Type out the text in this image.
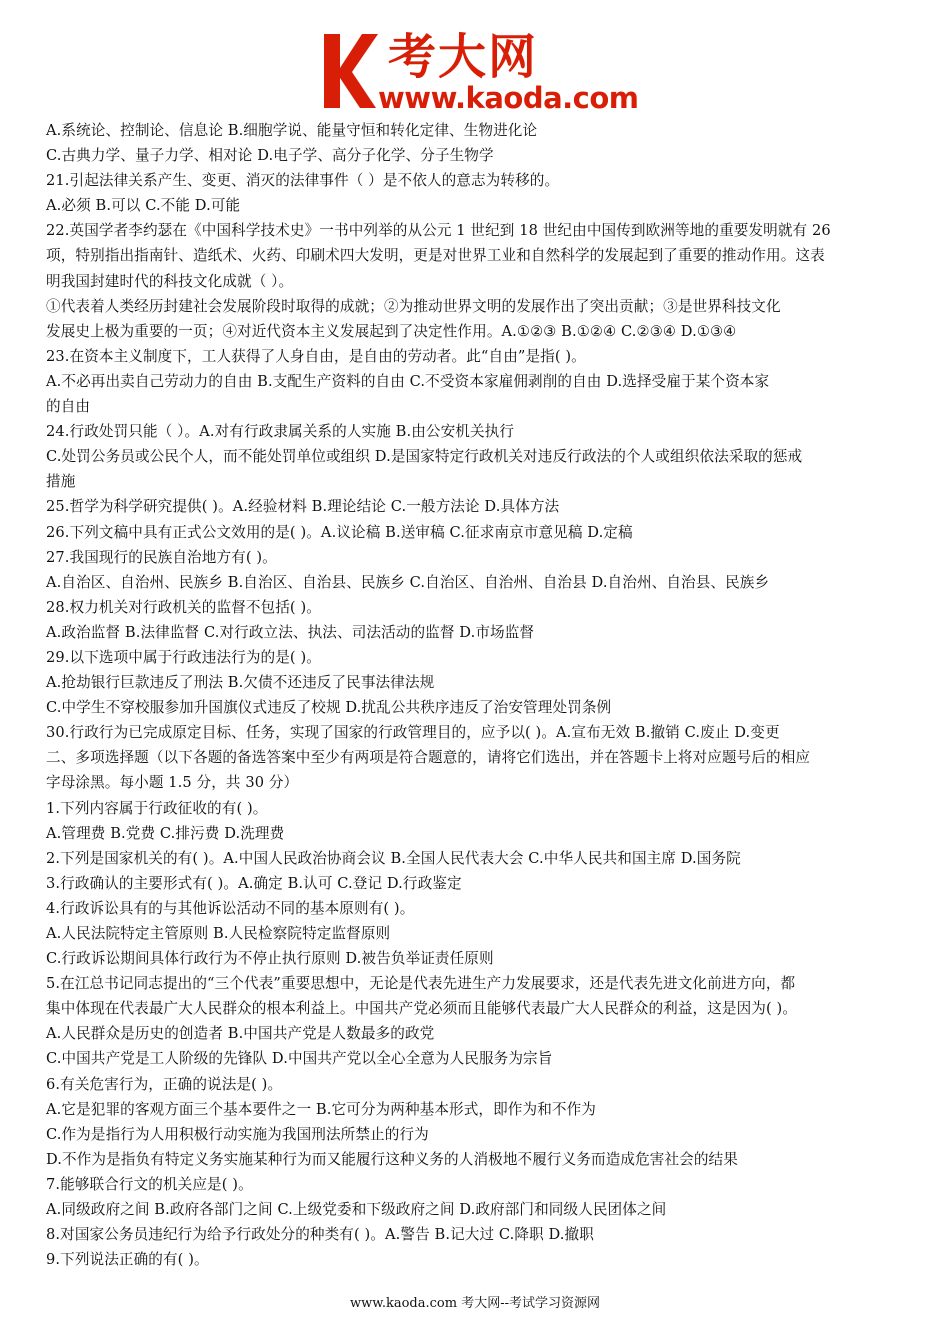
考大网
www.kaoda.com
A.系统论、控制论、信息论 B.细胞学说、能量守恒和转化定律、生物进化论
C.古典力学、量子力学、相对论 D.电子学、高分子化学、分子生物学
21.引起法律关系产生、变更、消灭的法律事件（ ）是不依人的意志为转移的。
A.必须 B.可以 C.不能 D.可能
22.英国学者李约瑟在《中国科学技术史》一书中列举的从公元 1 世纪到 18 世纪由中国传到欧洲等地的重要发明就有 26
项，特别指出指南针、造纸术、火药、印刷术四大发明，更是对世界工业和自然科学的发展起到了重要的推动作用。这表
明我国封建时代的科技文化成就（ ）。
①代表着人类经历封建社会发展阶段时取得的成就；②为推动世界文明的发展作出了突出贡献；③是世界科技文化
发展史上极为重要的一页；④对近代资本主义发展起到了决定性作用。A.①②③ B.①②④ C.②③④ D.①③④
23.在资本主义制度下，工人获得了人身自由，是自由的劳动者。此“自由”是指( )。
A.不必再出卖自己劳动力的自由 B.支配生产资料的自由 C.不受资本家雇佣剥削的自由 D.选择受雇于某个资本家
的自由
24.行政处罚只能（ ）。A.对有行政隶属关系的人实施 B.由公安机关执行
C.处罚公务员或公民个人，而不能处罚单位或组织 D.是国家特定行政机关对违反行政法的个人或组织依法采取的惩戒
措施
25.哲学为科学研究提供( )。A.经验材料 B.理论结论 C.一般方法论 D.具体方法
26.下列文稿中具有正式公文效用的是( )。A.议论稿 B.送审稿 C.征求南京市意见稿 D.定稿
27.我国现行的民族自治地方有( )。
A.自治区、自治州、民族乡 B.自治区、自治县、民族乡 C.自治区、自治州、自治县 D.自治州、自治县、民族乡
28.权力机关对行政机关的监督不包括( )。
A.政治监督 B.法律监督 C.对行政立法、执法、司法活动的监督 D.市场监督
29.以下选项中属于行政违法行为的是( )。
A.抢劫银行巨款违反了刑法 B.欠债不还违反了民事法律法规
C.中学生不穿校服参加升国旗仪式违反了校规 D.扰乱公共秩序违反了治安管理处罚条例
30.行政行为已完成原定目标、任务，实现了国家的行政管理目的，应予以( )。A.宣布无效 B.撤销 C.废止 D.变更
二、多项选择题（以下各题的备选答案中至少有两项是符合题意的，请将它们选出，并在答题卡上将对应题号后的相应
字母涂黑。每小题 1.5 分，共 30 分）
1.下列内容属于行政征收的有( )。
A.管理费 B.党费 C.排污费 D.洗理费
2.下列是国家机关的有( )。A.中国人民政治协商会议 B.全国人民代表大会 C.中华人民共和国主席 D.国务院
3.行政确认的主要形式有( )。A.确定 B.认可 C.登记 D.行政鉴定
4.行政诉讼具有的与其他诉讼活动不同的基本原则有( )。
A.人民法院特定主管原则 B.人民检察院特定监督原则
C.行政诉讼期间具体行政行为不停止执行原则 D.被告负举证责任原则
5.在江总书记同志提出的“三个代表”重要思想中，无论是代表先进生产力发展要求，还是代表先进文化前进方向，都
集中体现在代表最广大人民群众的根本利益上。中国共产党必须而且能够代表最广大人民群众的利益，这是因为( )。
A.人民群众是历史的创造者 B.中国共产党是人数最多的政党
C.中国共产党是工人阶级的先锋队 D.中国共产党以全心全意为人民服务为宗旨
6.有关危害行为，正确的说法是( )。
A.它是犯罪的客观方面三个基本要件之一 B.它可分为两种基本形式，即作为和不作为
C.作为是指行为人用积极行动实施为我国刑法所禁止的行为
D.不作为是指负有特定义务实施某种行为而又能履行这种义务的人消极地不履行义务而造成危害社会的结果
7.能够联合行文的机关应是( )。
A.同级政府之间 B.政府各部门之间 C.上级党委和下级政府之间 D.政府部门和同级人民团体之间
8.对国家公务员违纪行为给予行政处分的种类有( )。A.警告 B.记大过 C.降职 D.撤职
9.下列说法正确的有( )。
www.kaoda.com 考大网--考试学习资源网
